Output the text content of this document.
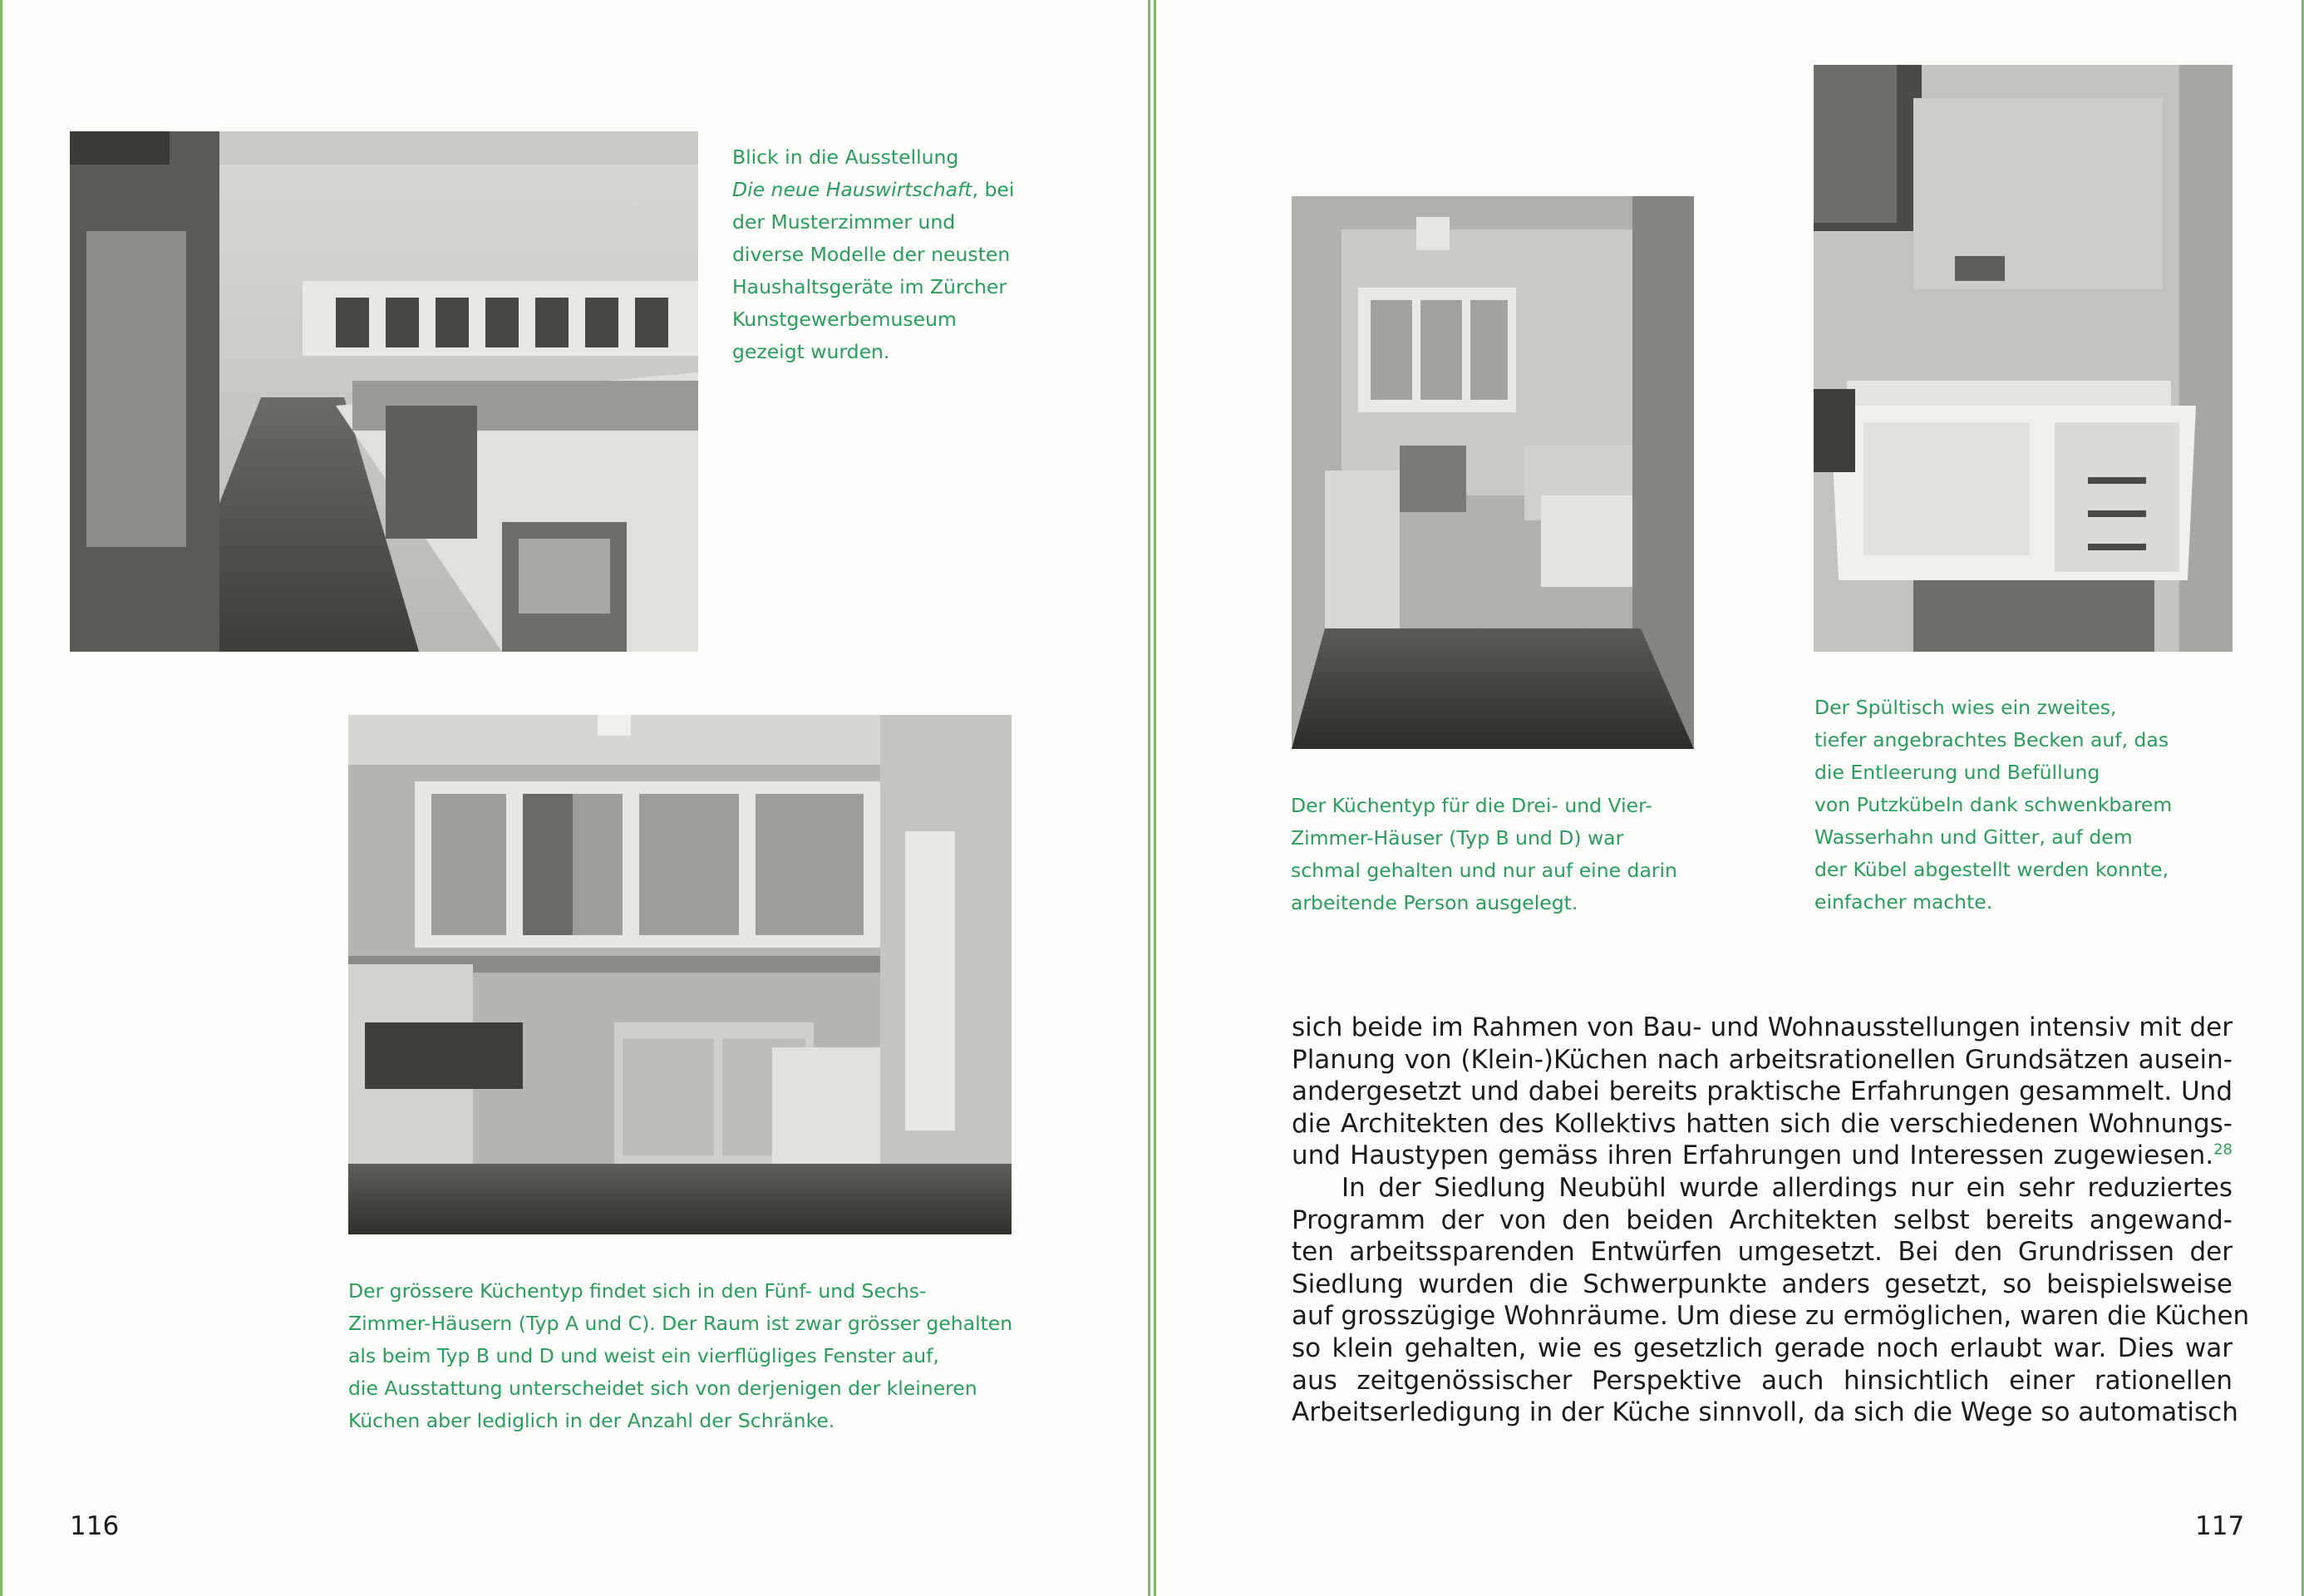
Blick in die Ausstellung
Die neue Hauswirtschaft, bei
der Musterzimmer und
diverse Modelle der neusten
Haushaltsgeräte im Zürcher
Kunstgewerbemuseum
gezeigt wurden.

Der grössere Küchentyp findet sich in den Fünf- und Sechs-
Zimmer-Häusern (Typ A und C). Der Raum ist zwar grösser gehalten
als beim Typ B und D und weist ein vierflügliges Fenster auf,
die Ausstattung unterscheidet sich von derjenigen der kleineren
Küchen aber lediglich in der Anzahl der Schränke.

116

Der Küchentyp für die Drei- und Vier-
Zimmer-Häuser (Typ B und D) war
schmal gehalten und nur auf eine darin
arbeitende Person ausgelegt.

Der Spültisch wies ein zweites,
tiefer angebrachtes Becken auf, das
die Entleerung und Befüllung
von Putzkübeln dank schwenkbarem
Wasserhahn und Gitter, auf dem
der Kübel abgestellt werden konnte,
einfacher machte.

sich beide im Rahmen von Bau- und Wohnausstellungen intensiv mit der
Planung von (Klein-)Küchen nach arbeitsrationellen Grundsätzen ausein-
andergesetzt und dabei bereits praktische Erfahrungen gesammelt. Und
die Architekten des Kollektivs hatten sich die verschiedenen Wohnungs-
und Haustypen gemäss ihren Erfahrungen und Interessen zugewiesen.$^{28}$
In der Siedlung Neubühl wurde allerdings nur ein sehr reduziertes
Programm der von den beiden Architekten selbst bereits angewand-
ten arbeitssparenden Entwürfen umgesetzt. Bei den Grundrissen der
Siedlung wurden die Schwerpunkte anders gesetzt, so beispielsweise
auf grosszügige Wohnräume. Um diese zu ermöglichen, waren die Küchen
so klein gehalten, wie es gesetzlich gerade noch erlaubt war. Dies war
aus zeitgenössischer Perspektive auch hinsichtlich einer rationellen
Arbeitserledigung in der Küche sinnvoll, da sich die Wege so automatisch
117
